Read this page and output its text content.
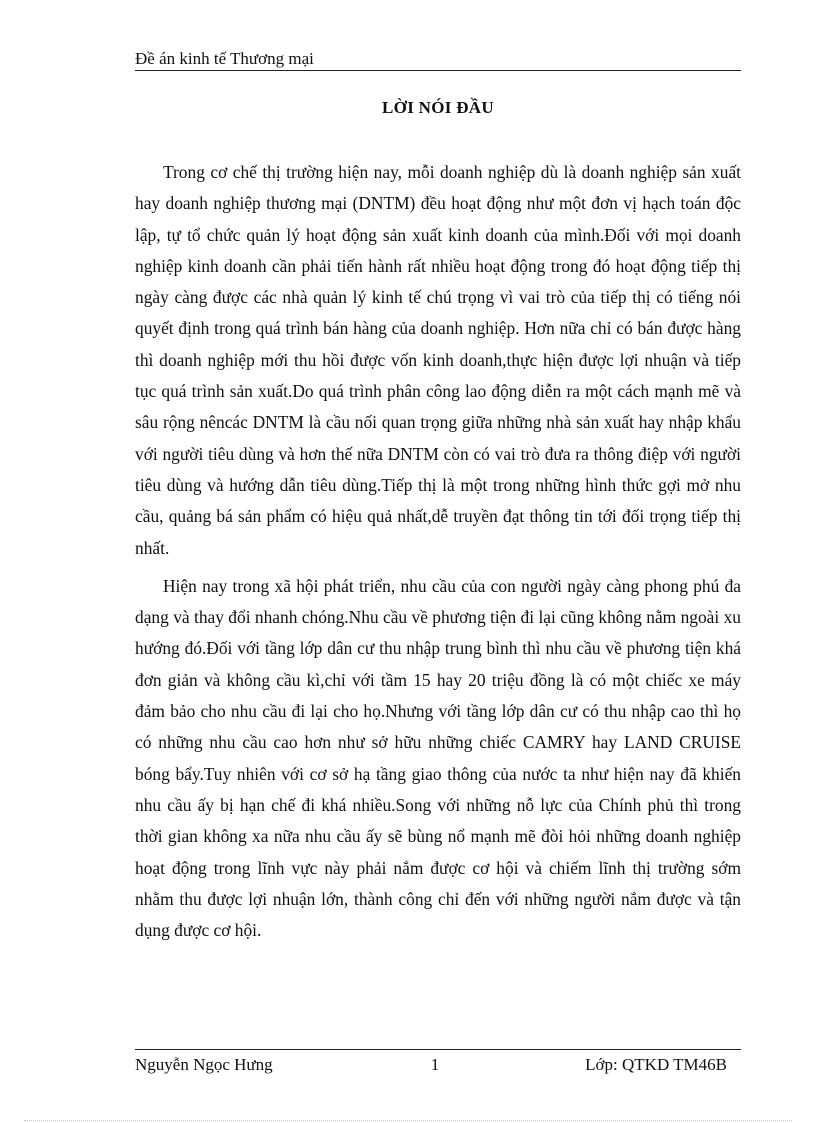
Đề án kinh tế Thương mại
LỜI NÓI ĐẦU

Trong cơ chế thị trường hiện nay, mỗi doanh nghiệp dù là doanh nghiệp sản xuất hay doanh nghiệp thương mại (DNTM) đều hoạt động như một đơn vị hạch toán độc lập, tự tổ chức quản lý hoạt động sản xuất kinh doanh của mình.Đối với mọi doanh nghiệp kinh doanh cần phải tiến hành rất nhiều hoạt động trong đó hoạt động tiếp thị ngày càng được các nhà quản lý kinh tế chú trọng vì vai trò của tiếp thị có tiếng nói quyết định trong quá trình bán hàng của doanh nghiệp. Hơn nữa chỉ có bán được hàng thì doanh nghiệp mới thu hồi được vốn kinh doanh,thực hiện được lợi nhuận và tiếp tục quá trình sản xuất.Do quá trình phân công lao động diễn ra một cách mạnh mẽ và sâu rộng nêncác DNTM là cầu nối quan trọng giữa những nhà sản xuất hay nhập khẩu với người tiêu dùng và hơn thế nữa DNTM còn có vai trò đưa ra thông điệp với người tiêu dùng và hướng dẫn tiêu dùng.Tiếp thị là một trong những hình thức gợi mở nhu cầu, quảng bá sản phẩm có hiệu quả nhất,dễ truyền đạt thông tin tới đối trọng tiếp thị nhất.

Hiện nay trong xã hội phát triển, nhu cầu của con người ngày càng phong phú đa dạng và thay đổi nhanh chóng.Nhu cầu về phương tiện đi lại cũng không nằm ngoài xu hướng đó.Đối với tầng lớp dân cư thu nhập trung bình thì nhu cầu về phương tiện khá đơn giản và không cầu kì,chỉ với tầm 15 hay 20 triệu đồng là có một chiếc xe máy đảm bảo cho nhu cầu đi lại cho họ.Nhưng với tầng lớp dân cư có thu nhập cao thì họ có những nhu cầu cao hơn như sở hữu những chiếc CAMRY hay LAND CRUISE bóng bẩy.Tuy nhiên với cơ sở hạ tầng giao thông của nước ta như hiện nay đã khiến nhu cầu ấy bị hạn chế đi khá nhiều.Song với những nỗ lực của Chính phủ thì trong thời gian không xa nữa nhu cầu ấy sẽ bùng nổ mạnh mẽ đòi hỏi những doanh nghiệp hoạt động trong lĩnh vực này phải nắm được cơ hội và chiếm lĩnh thị trường sớm nhằm thu được lợi nhuận lớn, thành công chỉ đến với những người nắm được và tận dụng được cơ hội.

Nguyễn Ngọc Hưng	1	Lớp: QTKD TM46B
